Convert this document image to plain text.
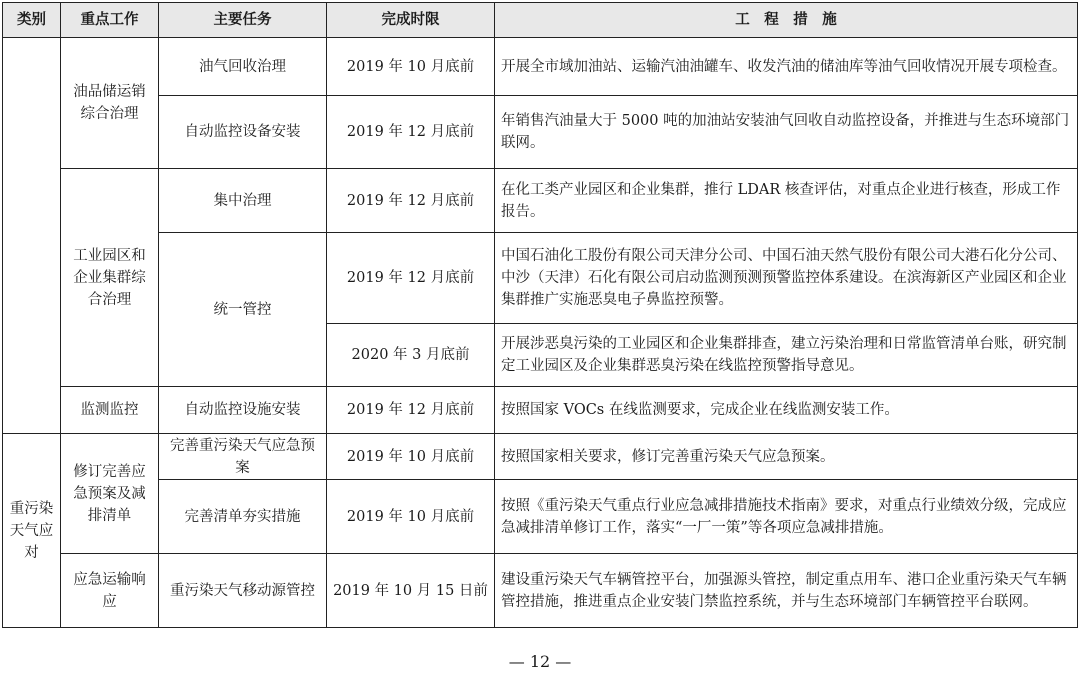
类别	重点工作	主要任务	完成时限	工　程　措　施
	油品储运销综合治理	油气回收治理	2019 年 10 月底前	开展全市域加油站、运输汽油油罐车、收发汽油的储油库等油气回收情况开展专项检查。
		自动监控设备安装	2019 年 12 月底前	年销售汽油量大于 5000 吨的加油站安装油气回收自动监控设备，并推进与生态环境部门联网。
	工业园区和企业集群综合治理	集中治理	2019 年 12 月底前	在化工类产业园区和企业集群，推行 LDAR 核查评估，对重点企业进行核查，形成工作报告。
		统一管控	2019 年 12 月底前	中国石油化工股份有限公司天津分公司、中国石油天然气股份有限公司大港石化分公司、中沙（天津）石化有限公司启动监测预测预警监控体系建设。在滨海新区产业园区和企业集群推广实施恶臭电子鼻监控预警。
			2020 年 3 月底前	开展涉恶臭污染的工业园区和企业集群排查，建立污染治理和日常监管清单台账，研究制定工业园区及企业集群恶臭污染在线监控预警指导意见。
	监测监控	自动监控设施安装	2019 年 12 月底前	按照国家 VOCs 在线监测要求，完成企业在线监测安装工作。
重污染天气应对	修订完善应急预案及减排清单	完善重污染天气应急预案	2019 年 10 月底前	按照国家相关要求，修订完善重污染天气应急预案。
		完善清单夯实措施	2019 年 10 月底前	按照《重污染天气重点行业应急减排措施技术指南》要求，对重点行业绩效分级，完成应急减排清单修订工作，落实“一厂一策”等各项应急减排措施。
	应急运输响应	重污染天气移动源管控	2019 年 10 月 15 日前	建设重污染天气车辆管控平台，加强源头管控，制定重点用车、港口企业重污染天气车辆管控措施，推进重点企业安装门禁监控系统，并与生态环境部门车辆管控平台联网。
— 12 —
